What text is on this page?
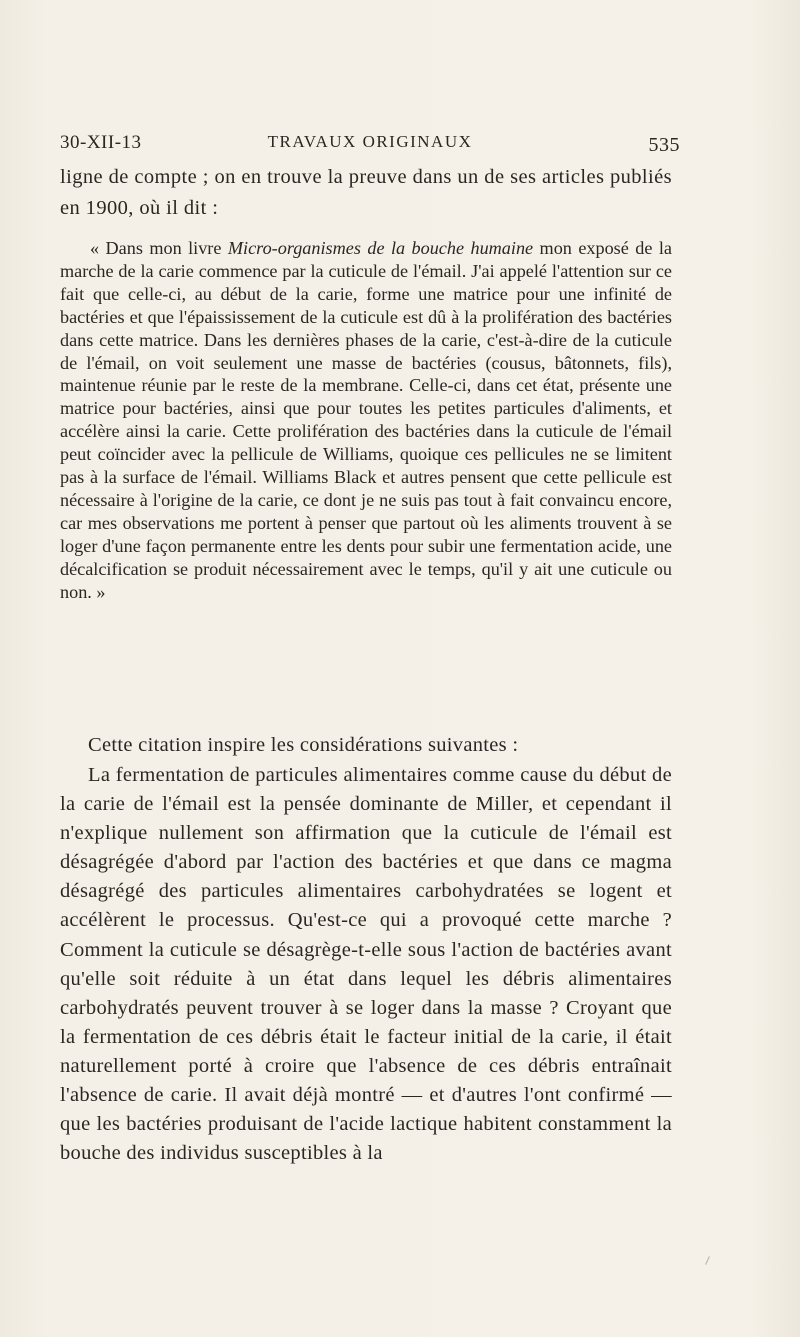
30-XII-13	TRAVAUX ORIGINAUX	535

ligne de compte ; on en trouve la preuve dans un de ses articles publiés en 1900, où il dit :

« Dans mon livre Micro-organismes de la bouche humaine mon exposé de la marche de la carie commence par la cuticule de l'émail. J'ai appelé l'attention sur ce fait que celle-ci, au début de la carie, forme une matrice pour une infinité de bactéries et que l'épaississement de la cuticule est dû à la prolifération des bactéries dans cette matrice. Dans les dernières phases de la carie, c'est-à-dire de la cuticule de l'émail, on voit seulement une masse de bactéries (cousus, bâtonnets, fils), maintenue réunie par le reste de la membrane. Celle-ci, dans cet état, présente une matrice pour bactéries, ainsi que pour toutes les petites particules d'aliments, et accélère ainsi la carie. Cette prolifération des bactéries dans la cuticule de l'émail peut coïncider avec la pellicule de Williams, quoique ces pellicules ne se limitent pas à la surface de l'émail. Williams Black et autres pensent que cette pellicule est nécessaire à l'origine de la carie, ce dont je ne suis pas tout à fait convaincu encore, car mes observations me portent à penser que partout où les aliments trouvent à se loger d'une façon permanente entre les dents pour subir une fermentation acide, une décalcification se produit nécessairement avec le temps, qu'il y ait une cuticule ou non. »

Cette citation inspire les considérations suivantes :

La fermentation de particules alimentaires comme cause du début de la carie de l'émail est la pensée dominante de Miller, et cependant il n'explique nullement son affirmation que la cuticule de l'émail est désagrégée d'abord par l'action des bactéries et que dans ce magma désagrégé des particules alimentaires carbohydratées se logent et accélèrent le processus. Qu'est-ce qui a provoqué cette marche ? Comment la cuticule se désagrège-t-elle sous l'action de bactéries avant qu'elle soit réduite à un état dans lequel les débris alimentaires carbohydratés peuvent trouver à se loger dans la masse ? Croyant que la fermentation de ces débris était le facteur initial de la carie, il était naturellement porté à croire que l'absence de ces débris entraînait l'absence de carie. Il avait déjà montré — et d'autres l'ont confirmé — que les bactéries produisant de l'acide lactique habitent constamment la bouche des individus susceptibles à la
